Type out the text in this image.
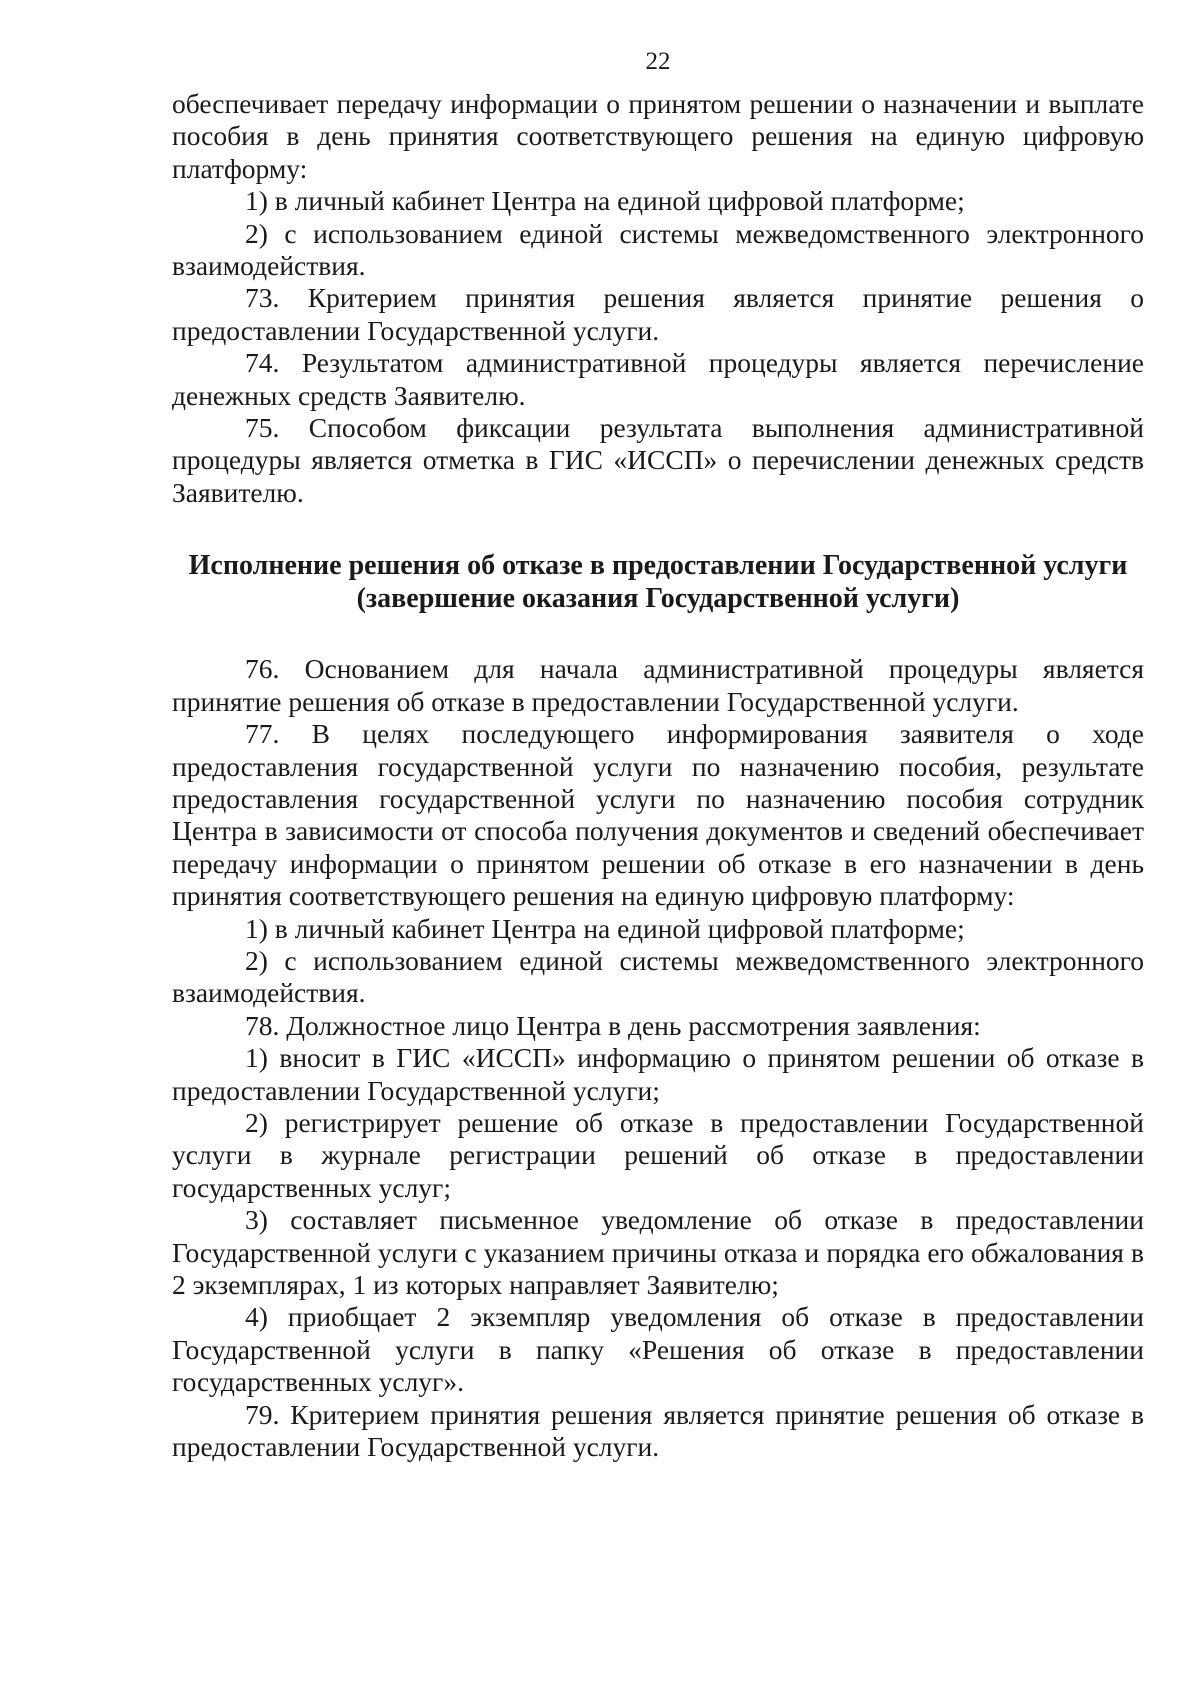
22

обеспечивает передачу информации о принятом решении о назначении и выплате пособия в день принятия соответствующего решения на единую цифровую платформу:

1) в личный кабинет Центра на единой цифровой платформе;

2) с использованием единой системы межведомственного электронного взаимодействия.

73. Критерием принятия решения является принятие решения о предоставлении Государственной услуги.

74. Результатом административной процедуры является перечисление денежных средств Заявителю.

75. Способом фиксации результата выполнения административной процедуры является отметка в ГИС «ИССП» о перечислении денежных средств Заявителю.

Исполнение решения об отказе в предоставлении Государственной услуги
(завершение оказания Государственной услуги)

76. Основанием для начала административной процедуры является принятие решения об отказе в предоставлении Государственной услуги.

77. В целях последующего информирования заявителя о ходе предоставления государственной услуги по назначению пособия, результате предоставления государственной услуги по назначению пособия сотрудник Центра в зависимости от способа получения документов и сведений обеспечивает передачу информации о принятом решении об отказе в его назначении в день принятия соответствующего решения на единую цифровую платформу:

1) в личный кабинет Центра на единой цифровой платформе;

2) с использованием единой системы межведомственного электронного взаимодействия.

78. Должностное лицо Центра в день рассмотрения заявления:

1) вносит в ГИС «ИССП» информацию о принятом решении об отказе в предоставлении Государственной услуги;

2) регистрирует решение об отказе в предоставлении Государственной услуги в журнале регистрации решений об отказе в предоставлении государственных услуг;

3) составляет письменное уведомление об отказе в предоставлении Государственной услуги с указанием причины отказа и порядка его обжалования в 2 экземплярах, 1 из которых направляет Заявителю;

4) приобщает 2 экземпляр уведомления об отказе в предоставлении Государственной услуги в папку «Решения об отказе в предоставлении государственных услуг».

79. Критерием принятия решения является принятие решения об отказе в предоставлении Государственной услуги.
